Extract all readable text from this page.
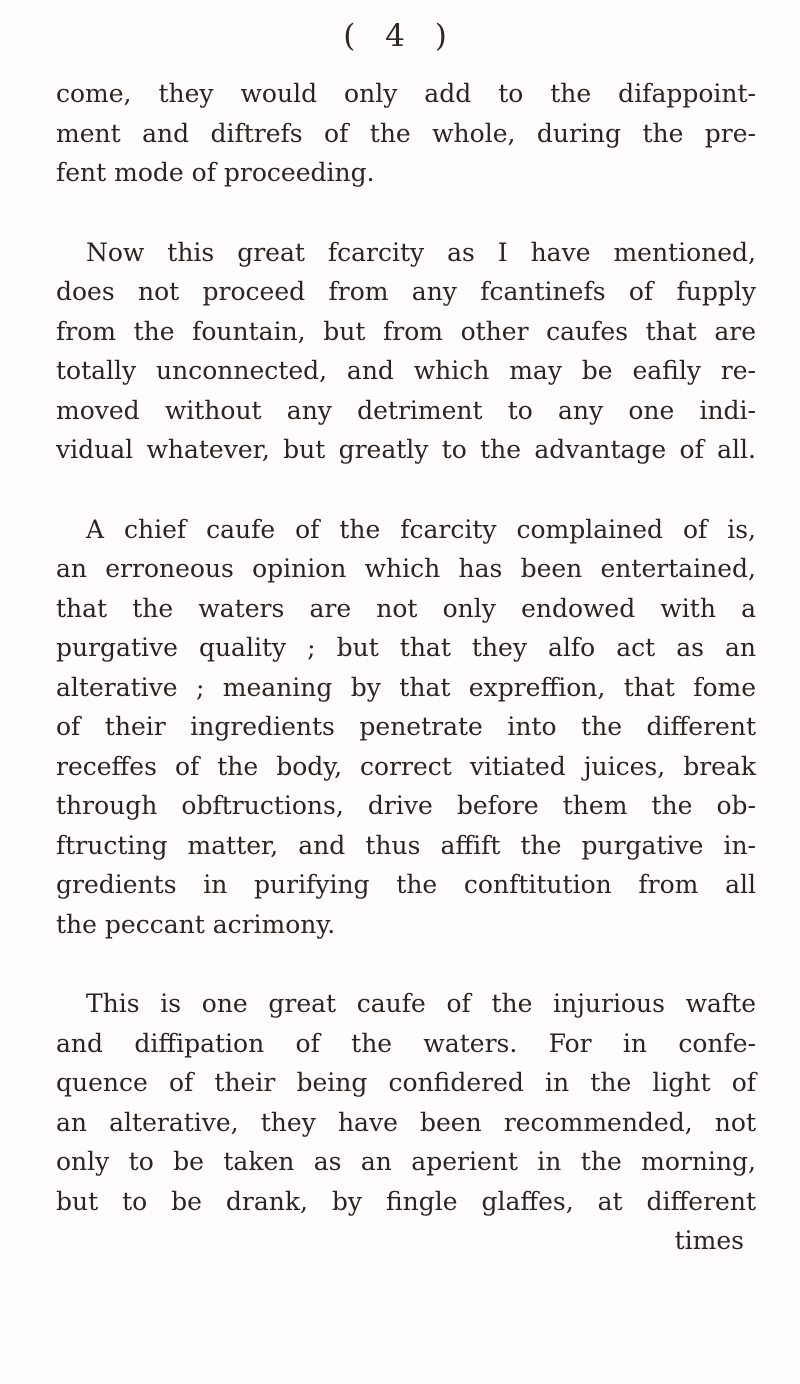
( 4 )
come, they would only add to the difappoint-
ment and diftrefs of the whole, during the pre-
fent mode of proceeding.
Now this great fcarcity as I have mentioned,
does not proceed from any fcantinefs of fupply
from the fountain, but from other caufes that are
totally unconnected, and which may be eafily re-
moved without any detriment to any one indi-
vidual whatever, but greatly to the advantage of all.
A chief caufe of the fcarcity complained of is,
an erroneous opinion which has been entertained,
that the waters are not only endowed with a
purgative quality ; but that they alfo act as an
alterative ; meaning by that expreffion, that fome
of their ingredients penetrate into the different
receffes of the body, correct vitiated juices, break
through obftructions, drive before them the ob-
ftructing matter, and thus affift the purgative in-
gredients in purifying the conftitution from all
the peccant acrimony.
This is one great caufe of the injurious wafte
and diffipation of the waters. For in confe-
quence of their being confidered in the light of
an alterative, they have been recommended, not
only to be taken as an aperient in the morning,
but to be drank, by fingle glaffes, at different
times
